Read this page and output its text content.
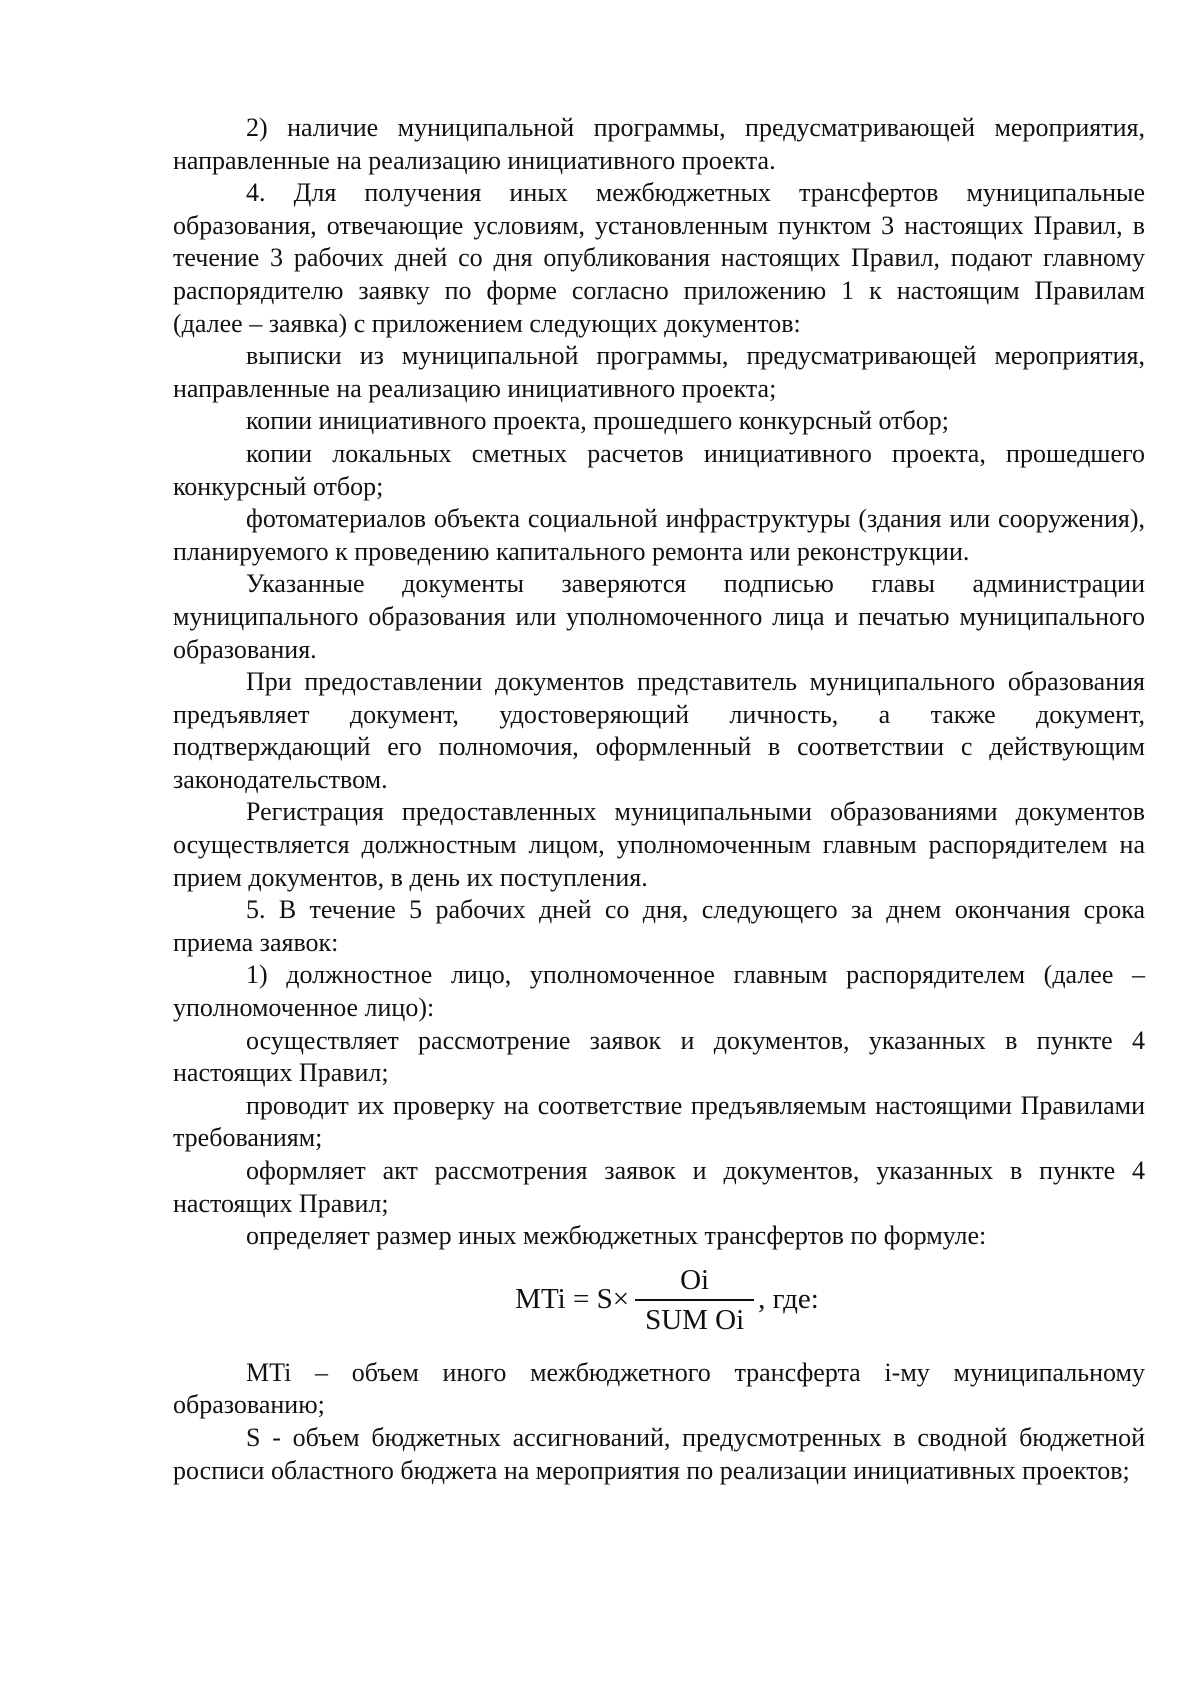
2) наличие муниципальной программы, предусматривающей мероприятия, направленные на реализацию инициативного проекта.

4. Для получения иных межбюджетных трансфертов муниципальные образования, отвечающие условиям, установленным пунктом 3 настоящих Правил, в течение 3 рабочих дней со дня опубликования настоящих Правил, подают главному распорядителю заявку по форме согласно приложению 1 к настоящим Правилам (далее – заявка) с приложением следующих документов:

выписки из муниципальной программы, предусматривающей мероприятия, направленные на реализацию инициативного проекта;

копии инициативного проекта, прошедшего конкурсный отбор;

копии локальных сметных расчетов инициативного проекта, прошедшего конкурсный отбор;

фотоматериалов объекта социальной инфраструктуры (здания или сооружения), планируемого к проведению капитального ремонта или реконструкции.

Указанные документы заверяются подписью главы администрации муниципального образования или уполномоченного лица и печатью муниципального образования.

При предоставлении документов представитель муниципального образования предъявляет документ, удостоверяющий личность, а также документ, подтверждающий его полномочия, оформленный в соответствии с действующим законодательством.

Регистрация предоставленных муниципальными образованиями документов осуществляется должностным лицом, уполномоченным главным распорядителем на прием документов, в день их поступления.

5. В течение 5 рабочих дней со дня, следующего за днем окончания срока приема заявок:

1) должностное лицо, уполномоченное главным распорядителем (далее – уполномоченное лицо):

осуществляет рассмотрение заявок и документов, указанных в пункте 4 настоящих Правил;

проводит их проверку на соответствие предъявляемым настоящими Правилами требованиям;

оформляет акт рассмотрения заявок и документов, указанных в пункте 4 настоящих Правил;

определяет размер иных межбюджетных трансфертов по формуле:

MTi = $S\times \frac{Oi}{\text{SUM Oi}}$ , где:

MTi – объем иного межбюджетного трансферта i-му муниципальному образованию;

S - объем бюджетных ассигнований, предусмотренных в сводной бюджетной росписи областного бюджета на мероприятия по реализации инициативных проектов;
